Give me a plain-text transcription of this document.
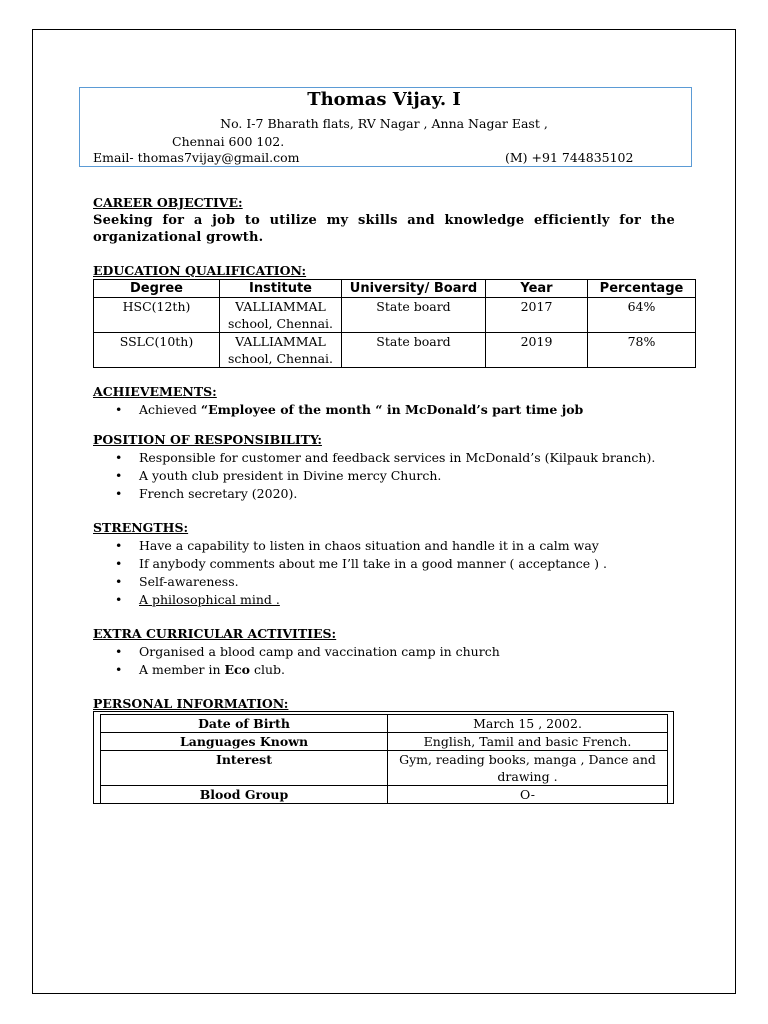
Thomas Vijay. I
No. I-7 Bharath flats, RV Nagar , Anna Nagar East ,
Chennai 600 102.
Email- thomas7vijay@gmail.com	(M) +91 744835102
CAREER OBJECTIVE:
Seeking for a job to utilize my skills and knowledge efficiently for the organizational growth.
EDUCATION QUALIFICATION:
Degree	Institute	University/ Board	Year	Percentage
HSC(12th)	VALLIAMMAL school, Chennai.	State board	2017	64%
SSLC(10th)	VALLIAMMAL school, Chennai.	State board	2019	78%
ACHIEVEMENTS:
• Achieved “Employee of the month “ in McDonald’s part time job
POSITION OF RESPONSIBILITY:
• Responsible for customer and feedback services in McDonald’s (Kilpauk branch).
• A youth club president in Divine mercy Church.
• French secretary (2020).
STRENGTHS:
• Have a capability to listen in chaos situation and handle it in a calm way
• If anybody comments about me I’ll take in a good manner ( acceptance ) .
• Self-awareness.
• A philosophical mind .
EXTRA CURRICULAR ACTIVITIES:
• Organised a blood camp and vaccination camp in church
• A member in Eco club.
PERSONAL INFORMATION:
Date of Birth	March 15 , 2002.
Languages Known	English, Tamil and basic French.
Interest	Gym, reading books, manga , Dance and drawing .
Blood Group	O-
